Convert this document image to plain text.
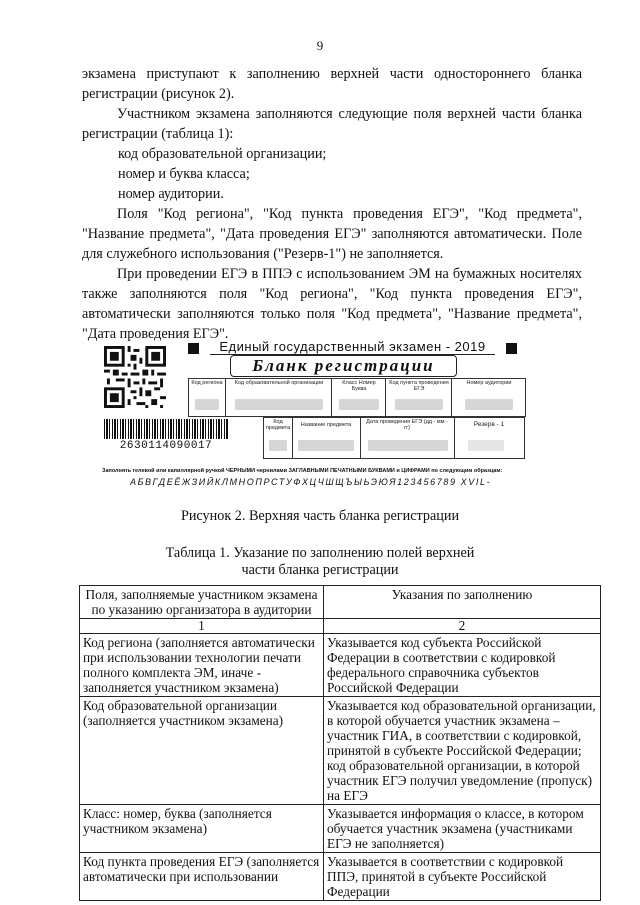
9

экзамена приступают к заполнению верхней части одностороннего бланка регистрации (рисунок 2).

Участником экзамена заполняются следующие поля верхней части бланка регистрации (таблица 1):

код образовательной организации;

номер и буква класса;

номер аудитории.

Поля "Код региона", "Код пункта проведения ЕГЭ", "Код предмета", "Название предмета", "Дата проведения ЕГЭ" заполняются автоматически. Поле для служебного использования ("Резерв-1") не заполняется.

При проведении ЕГЭ в ППЭ с использованием ЭМ на бумажных носителях также заполняются поля "Код региона", "Код пункта проведения ЕГЭ", автоматически заполняются только поля "Код предмета", "Название предмета", "Дата проведения ЕГЭ".

Единый государственный экзамен - 2019
Бланк регистрации
Код региона	Код образовательной организации	Класс Номер Буква
Код пункта проведения ЕГЭ
Номер аудитории
2630114090017
Код предмета	Название предмета	Дата проведения ЕГЭ (дд - мм - гг)	Резерв - 1
Заполнять гелевой или капиллярной ручкой ЧЕРНЫМИ чернилами ЗАГЛАВНЫМИ ПЕЧАТНЫМИ БУКВАМИ и ЦИФРАМИ по следующим образцам:
АБВГДЕЁЖЗИЙКЛМНОПРСТУФХЦЧШЩЪЫЬЭЮЯ123456789 XVIL-
Рисунок 2. Верхняя часть бланка регистрации
Таблица 1. Указание по заполнению полей верхней
части бланка регистрации
Поля, заполняемые участником экзамена по указанию организатора в аудитории	Указания по заполнению
1	2
Код региона (заполняется автоматически при использовании технологии печати полного комплекта ЭМ, иначе - заполняется участником экзамена)	Указывается код субъекта Российской Федерации в соответствии с кодировкой федерального справочника субъектов Российской Федерации
Код образовательной организации (заполняется участником экзамена)	Указывается код образовательной организации, в которой обучается участник экзамена – участник ГИА, в соответствии с кодировкой, принятой в субъекте Российской Федерации; код образовательной организации, в которой участник ЕГЭ получил уведомление (пропуск) на ЕГЭ
Класс: номер, буква (заполняется участником экзамена)	Указывается информация о классе, в котором обучается участник экзамена (участниками ЕГЭ не заполняется)
Код пункта проведения ЕГЭ (заполняется автоматически при использовании	Указывается в соответствии с кодировкой ППЭ, принятой в субъекте Российской Федерации
